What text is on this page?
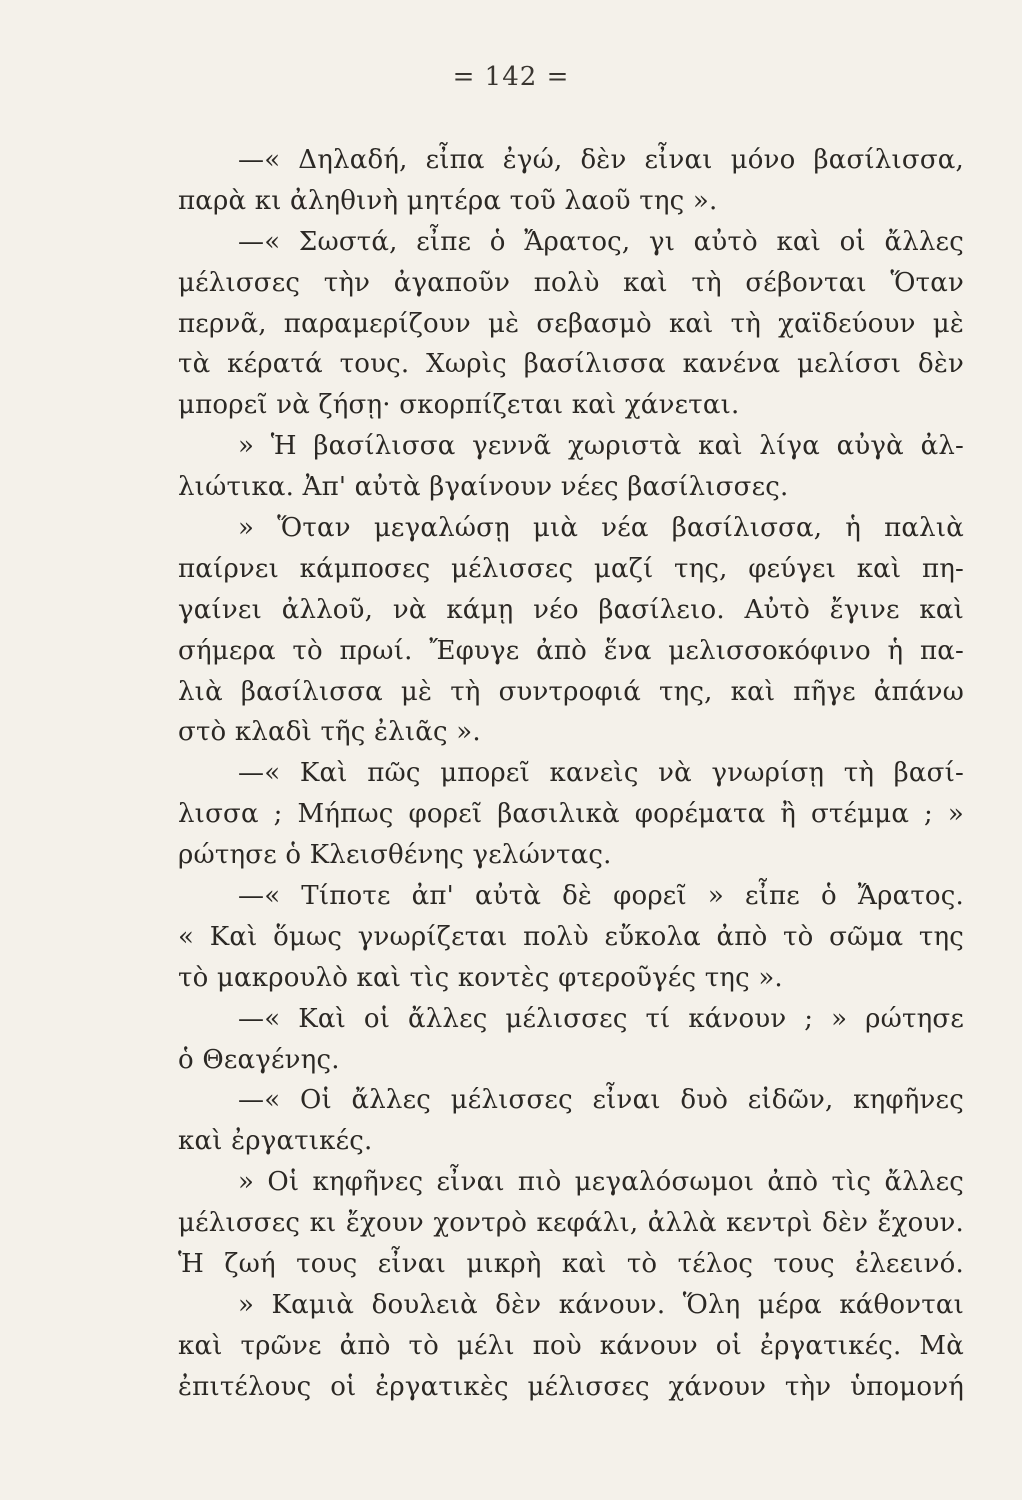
= 142 =
—« Δηλαδή, εἶπα ἐγώ, δὲν εἶναι μόνο βασίλισσα,
παρὰ κι ἀληθινὴ μητέρα τοῦ λαοῦ της ».
—« Σωστά, εἶπε ὁ Ἄρατος, γι αὐτὸ καὶ οἱ ἄλλες
μέλισσες τὴν ἀγαποῦν πολὺ καὶ τὴ σέβονται Ὅταν
περνᾶ, παραμερίζουν μὲ σεβασμὸ καὶ τὴ χαϊδεύουν μὲ
τὰ κέρατά τους. Χωρὶς βασίλισσα κανένα μελίσσι δὲν
μπορεῖ νὰ ζήσῃ· σκορπίζεται καὶ χάνεται.
» Ἡ βασίλισσα γεννᾶ χωριστὰ καὶ λίγα αὐγὰ ἀλ-
λιώτικα. Ἀπ' αὐτὰ βγαίνουν νέες βασίλισσες.
» Ὅταν μεγαλώσῃ μιὰ νέα βασίλισσα, ἡ παλιὰ
παίρνει κάμποσες μέλισσες μαζί της, φεύγει καὶ πη-
γαίνει ἀλλοῦ, νὰ κάμῃ νέο βασίλειο. Αὐτὸ ἔγινε καὶ
σήμερα τὸ πρωί. Ἔφυγε ἀπὸ ἕνα μελισσοκόφινο ἡ πα-
λιὰ βασίλισσα μὲ τὴ συντροφιά της, καὶ πῆγε ἀπάνω
στὸ κλαδὶ τῆς ἐλιᾶς ».
—« Καὶ πῶς μπορεῖ κανεὶς νὰ γνωρίσῃ τὴ βασί-
λισσα ; Μήπως φορεῖ βασιλικὰ φορέματα ἢ στέμμα ; »
ρώτησε ὁ Κλεισθένης γελώντας.
—« Τίποτε ἀπ' αὐτὰ δὲ φορεῖ » εἶπε ὁ Ἄρατος.
« Καὶ ὅμως γνωρίζεται πολὺ εὔκολα ἀπὸ τὸ σῶμα της
τὸ μακρουλὸ καὶ τὶς κοντὲς φτεροῦγές της ».
—« Καὶ οἱ ἄλλες μέλισσες τί κάνουν ; » ρώτησε
ὁ Θεαγένης.
—« Οἱ ἄλλες μέλισσες εἶναι δυὸ εἰδῶν, κηφῆνες
καὶ ἐργατικές.
» Οἱ κηφῆνες εἶναι πιὸ μεγαλόσωμοι ἀπὸ τὶς ἄλλες
μέλισσες κι ἔχουν χοντρὸ κεφάλι, ἀλλὰ κεντρὶ δὲν ἔχουν.
Ἡ ζωή τους εἶναι μικρὴ καὶ τὸ τέλος τους ἐλεεινό.
» Καμιὰ δουλειὰ δὲν κάνουν. Ὅλη μέρα κάθονται
καὶ τρῶνε ἀπὸ τὸ μέλι ποὺ κάνουν οἱ ἐργατικές. Μὰ
ἐπιτέλους οἱ ἐργατικὲς μέλισσες χάνουν τὴν ὑπομονή
